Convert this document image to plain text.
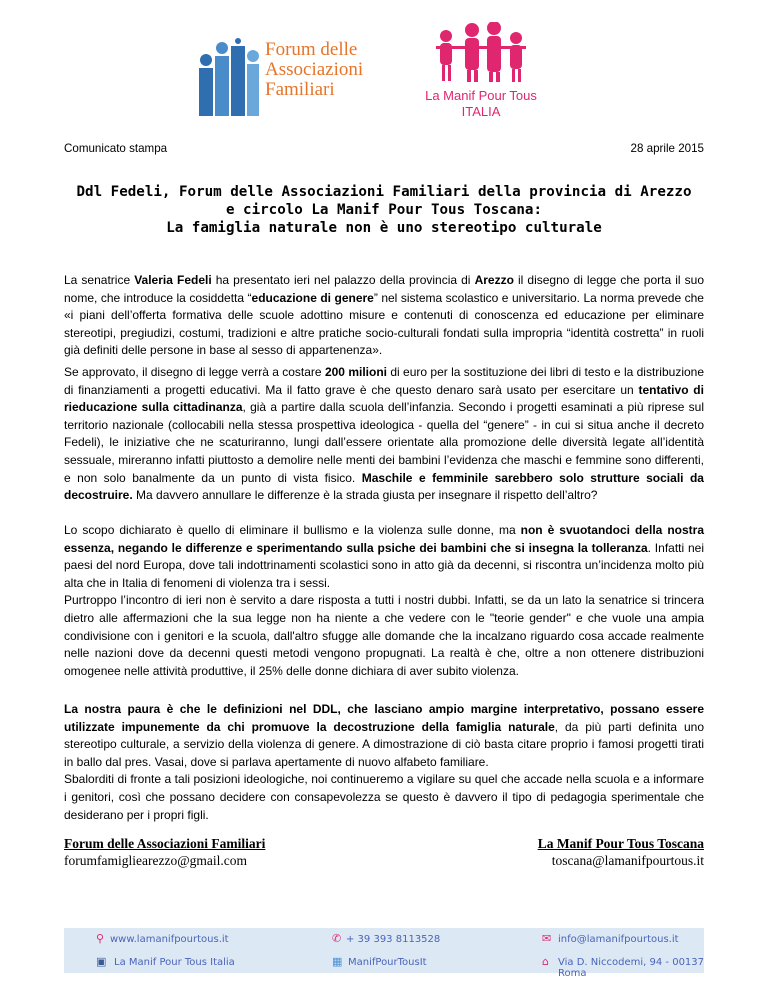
Forum delle
Associazioni
Familiari	La Manif Pour Tous
ITALIA
Comunicato stampa	28 aprile 2015
Ddl Fedeli, Forum delle Associazioni Familiari della provincia di Arezzo
e circolo La Manif Pour Tous Toscana:
La famiglia naturale non è uno stereotipo culturale

La senatrice Valeria Fedeli ha presentato ieri nel palazzo della provincia di Arezzo il disegno di legge che porta il suo nome, che introduce la cosiddetta “educazione di genere” nel sistema scolastico e universitario. La norma prevede che «i piani dell’offerta formativa delle scuole adottino misure e contenuti di conoscenza ed educazione per eliminare stereotipi, pregiudizi, costumi, tradizioni e altre pratiche socio-culturali fondati sulla impropria “identità costretta” in ruoli già definiti delle persone in base al sesso di appartenenza».

Se approvato, il disegno di legge verrà a costare 200 milioni di euro per la sostituzione dei libri di testo e la distribuzione di finanziamenti a progetti educativi. Ma il fatto grave è che questo denaro sarà usato per esercitare un tentativo di rieducazione sulla cittadinanza, già a partire dalla scuola dell’infanzia. Secondo i progetti esaminati a più riprese sul territorio nazionale (collocabili nella stessa prospettiva ideologica - quella del “genere” - in cui si situa anche il decreto Fedeli), le iniziative che ne scaturiranno, lungi dall’essere orientate alla promozione delle diversità legate all’identità sessuale, mireranno infatti piuttosto a demolire nelle menti dei bambini l’evidenza che maschi e femmine sono differenti, e non solo banalmente da un punto di vista fisico. Maschile e femminile sarebbero solo strutture sociali da decostruire. Ma davvero annullare le differenze è la strada giusta per insegnare il rispetto dell’altro?

Lo scopo dichiarato è quello di eliminare il bullismo e la violenza sulle donne, ma non è svuotandoci della nostra essenza, negando le differenze e sperimentando sulla psiche dei bambini che si insegna la tolleranza. Infatti nei paesi del nord Europa, dove tali indottrinamenti scolastici sono in atto già da decenni, si riscontra un’incidenza molto più alta che in Italia di fenomeni di violenza tra i sessi.

Purtroppo l’incontro di ieri non è servito a dare risposta a tutti i nostri dubbi. Infatti, se da un lato la senatrice si trincera dietro alle affermazioni che la sua legge non ha niente a che vedere con le "teorie gender" e che vuole una ampia condivisione con i genitori e la scuola, dall'altro sfugge alle domande che la incalzano riguardo cosa accade realmente nelle nazioni dove da decenni questi metodi vengono propugnati. La realtà è che, oltre a non ottenere distribuzioni omogenee nelle attività produttive, il 25% delle donne dichiara di aver subito violenza.

La nostra paura è che le definizioni nel DDL, che lasciano ampio margine interpretativo, possano essere utilizzate impunemente da chi promuove la decostruzione della famiglia naturale, da più parti definita uno stereotipo culturale, a servizio della violenza di genere. A dimostrazione di ciò basta citare proprio i famosi progetti tirati in ballo dal pres. Vasai, dove si parlava apertamente di nuovo alfabeto familiare.

Sbalorditi di fronte a tali posizioni ideologiche, noi continueremo a vigilare su quel che accade nella scuola e a informare i genitori, così che possano decidere con consapevolezza se questo è davvero il tipo di pedagogia sperimentale che desiderano per i propri figli.

Forum delle Associazioni Familiari
forumfamigliearezzo@gmail.com
La Manif Pour Tous Toscana
toscana@lamanifpourtous.it
⚲ www.lamanifpourtous.it	✆ + 39 393 8113528	✉ info@lamanifpourtous.it
▣ La Manif Pour Tous Italia	▦ ManifPourTousIt	⌂ Via D. Niccodemi, 94 - 00137 Roma
